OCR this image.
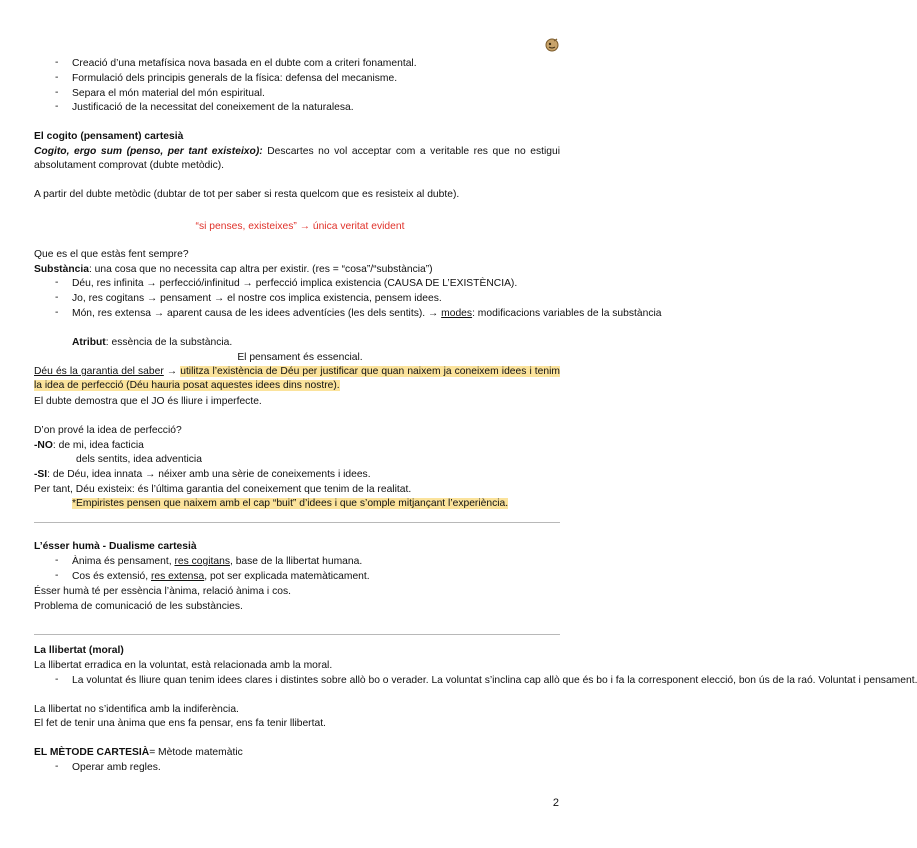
- Creació d’una metafísica nova basada en el dubte com a criteri fonamental.
- Formulació dels principis generals de la física: defensa del mecanisme.
- Separa el món material del món espiritual.
- Justificació de la necessitat del coneixement de la naturalesa.
El cogito (pensament) cartesià
Cogito, ergo sum (penso, per tant existeixo): Descartes no vol acceptar com a veritable res que no estigui absolutament comprovat (dubte metòdic).
A partir del dubte metòdic (dubtar de tot per saber si resta quelcom que es resisteix al dubte).
“si penses, existeixes” → única veritat evident
Que es el que estàs fent sempre?
Substància: una cosa que no necessita cap altra per existir. (res = “cosa”/“substància”)
- Déu, res infinita → perfecció/infinitud → perfecció implica existencia (CAUSA DE L’EXISTÈNCIA).
- Jo, res cogitans → pensament → el nostre cos implica existencia, pensem idees.
- Món, res extensa → aparent causa de les idees adventícies (les dels sentits). → modes: modificacions variables de la substància
Atribut: essència de la substància.
El pensament és essencial.
Déu és la garantia del saber → utilitza l’existència de Déu per justificar que quan naixem ja coneixem idees i tenim la idea de perfecció (Déu hauria posat aquestes idees dins nostre).
El dubte demostra que el JO és lliure i imperfecte.
D’on prové la idea de perfecció?
-NO: de mi, idea facticia
dels sentits, idea adventicia
-SI: de Déu, idea innata → néixer amb una sèrie de coneixements i idees.
Per tant, Déu existeix: és l’última garantia del coneixement que tenim de la realitat.
*Empiristes pensen que naixem amb el cap “buit” d’idees i que s’omple mitjançant l’experiència.
L’ésser humà - Dualisme cartesià
- Ànima és pensament, res cogitans, base de la llibertat humana.
- Cos és extensió, res extensa, pot ser explicada matemàticament.
Ésser humà té per essència l’ànima, relació ànima i cos.
Problema de comunicació de les substàncies.
La llibertat (moral)
La llibertat erradica en la voluntat, està relacionada amb la moral.
- La voluntat és lliure quan tenim idees clares i distintes sobre allò bo o verader. La voluntat s’inclina cap allò que és bo i fa la corresponent elecció, bon ús de la raó. Voluntat i pensament.
La llibertat no s’identifica amb la indiferència.
El fet de tenir una ànima que ens fa pensar, ens fa tenir llibertat.
EL MÈTODE CARTESIÀ= Mètode matemàtic
- Operar amb regles.
2
